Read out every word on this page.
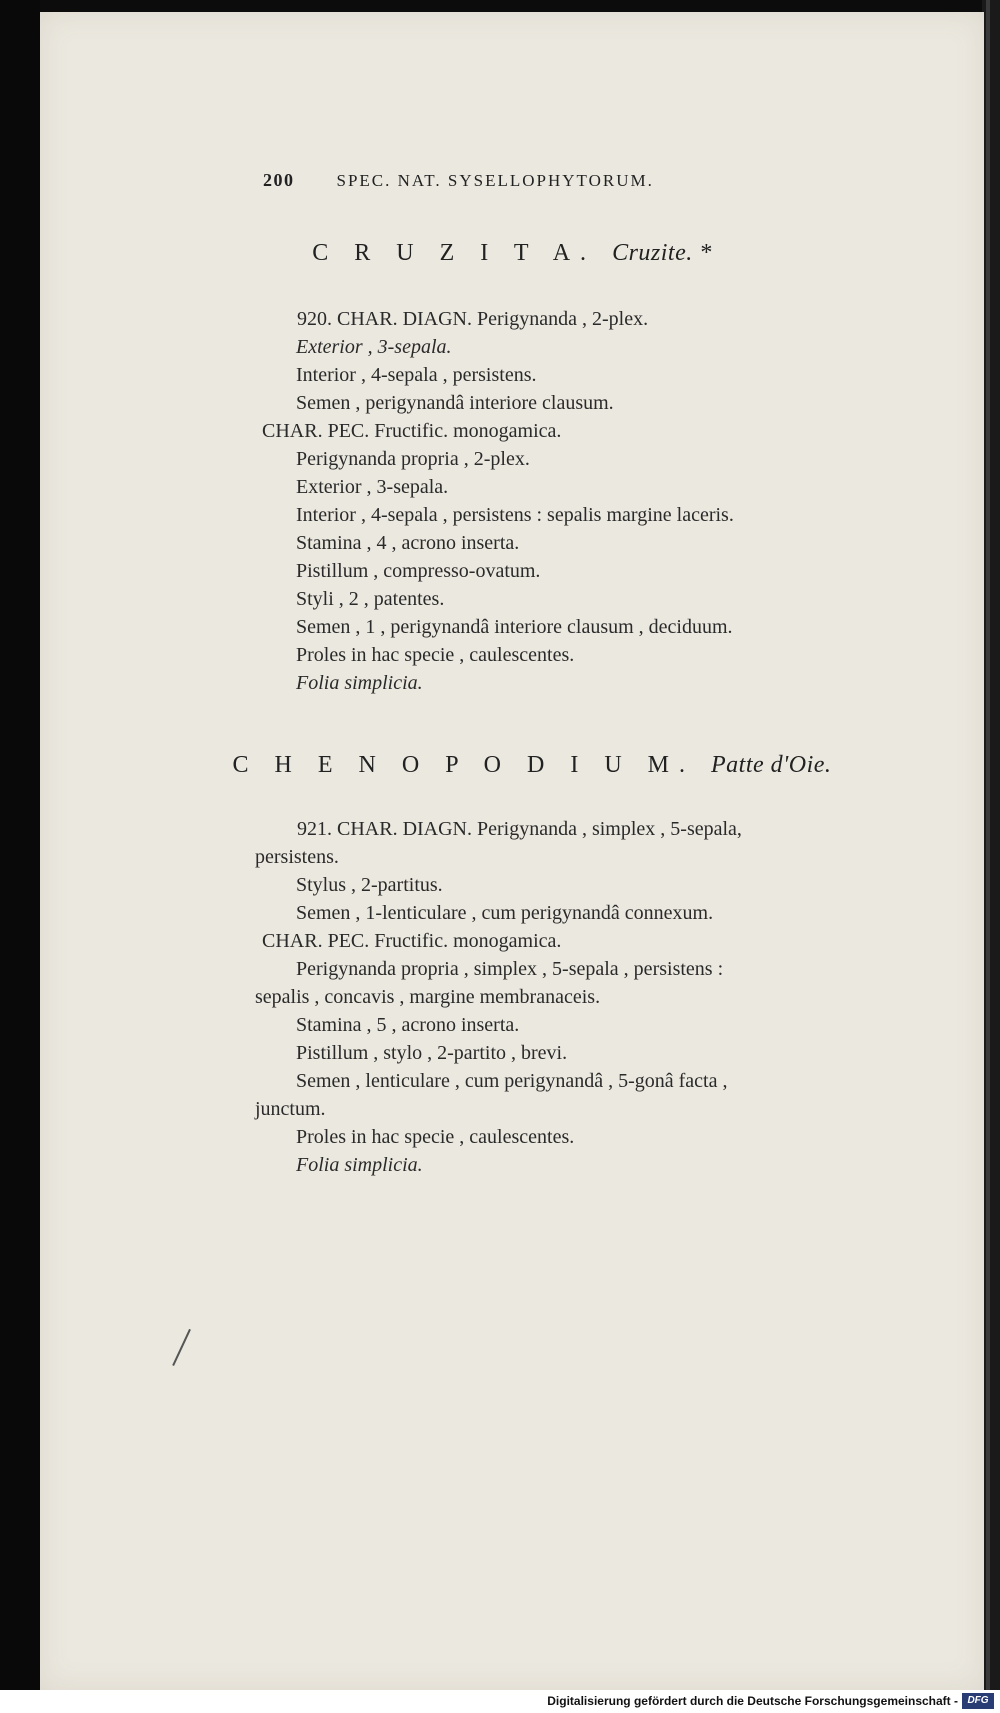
200 SPEC. NAT. SYSELLOPHYTORUM.
C R U Z I T A. Cruzite. *
920. CHAR. DIAGN. Perigynanda , 2-plex.
Exterior , 3-sepala.
Interior , 4-sepala , persistens.
Semen , perigynandâ interiore clausum.
CHAR. PEC. Fructific. monogamica.
Perigynanda propria , 2-plex.
Exterior , 3-sepala.
Interior , 4-sepala , persistens : sepalis margine laceris.
Stamina , 4 , acrono inserta.
Pistillum , compresso-ovatum.
Styli , 2 , patentes.
Semen , 1 , perigynandâ interiore clausum , deciduum.
Proles in hac specie , caulescentes.
Folia simplicia.
C H E N O P O D I U M. Patte d'Oie.
921. CHAR. DIAGN. Perigynanda , simplex , 5-sepala,
persistens.
Stylus , 2-partitus.
Semen , 1-lenticulare , cum perigynandâ connexum.
CHAR. PEC. Fructific. monogamica.
Perigynanda propria , simplex , 5-sepala , persistens :
sepalis , concavis , margine membranaceis.
Stamina , 5 , acrono inserta.
Pistillum , stylo , 2-partito , brevi.
Semen , lenticulare , cum perigynandâ , 5-gonâ facta ,
junctum.
Proles in hac specie , caulescentes.
Folia simplicia.
Digitalisierung gefördert durch die Deutsche Forschungsgemeinschaft - DFG
